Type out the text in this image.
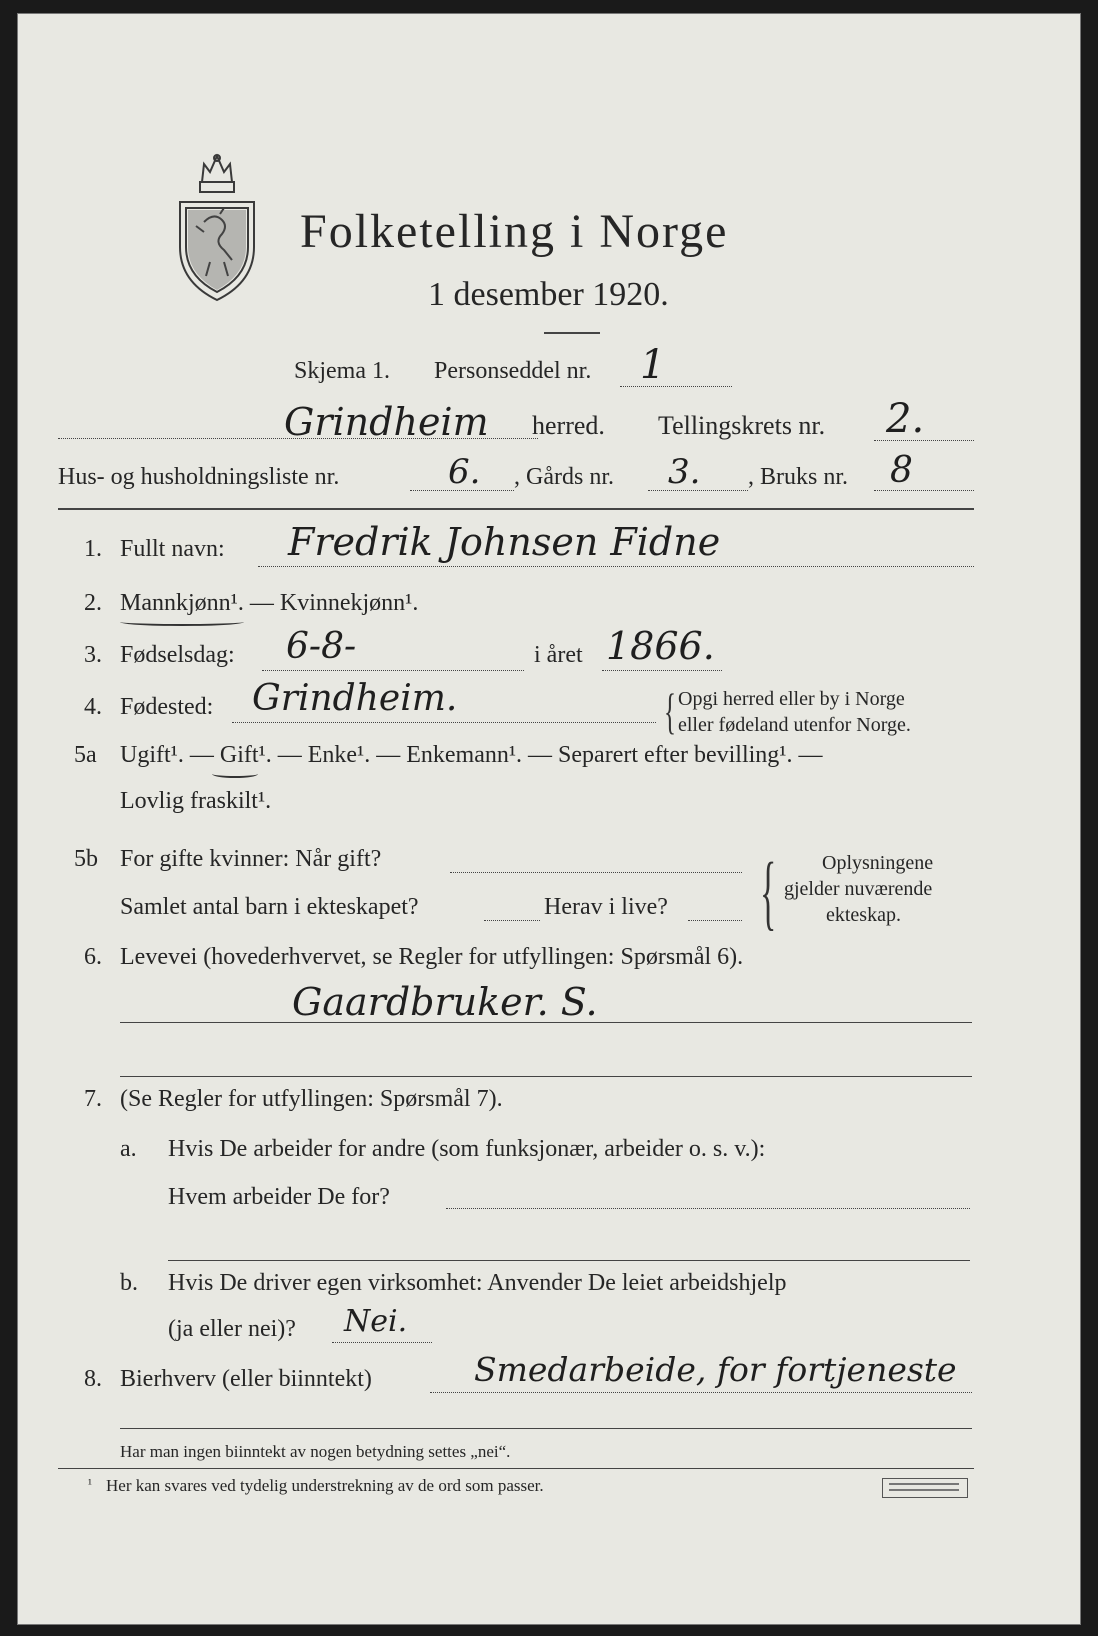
Folketelling i Norge
1 desember 1920.
Skjema 1. Personseddel nr. 1
Grindheim herred. Tellingskrets nr. 2.
Hus- og husholdningsliste nr.	6. , Gårds nr. 3. , Bruks nr. 8
1. Fullt navn: Fredrik Johnsen Fidne
2. Mannkjønn¹. — Kvinnekjønn¹.
3. Fødselsdag: 6-8-	i året 1866.
4. Fødested: Grindheim.	{ Opgi herred eller by i Norge
eller fødeland utenfor Norge.
5a Ugift¹. — Gift¹. — Enke¹. — Enkemann¹. — Separert efter bevilling¹. —
Lovlig fraskilt¹.
5b For gifte kvinner: Når gift?
Samlet antal barn i ekteskapet?	Herav i live? { Oplysningene
gjelder nuværende
ekteskap.
6. Levevei (hovederhvervet, se Regler for utfyllingen: Spørsmål 6).
Gaardbruker. S.
7. (Se Regler for utfyllingen: Spørsmål 7).
a. Hvis De arbeider for andre (som funksjonær, arbeider o. s. v.):
Hvem arbeider De for?
b. Hvis De driver egen virksomhet: Anvender De leiet arbeidshjelp
(ja eller nei)? Nei.
8. Bierhverv (eller biinntekt)	Smedarbeide, for fortjeneste
Har man ingen biinntekt av nogen betydning settes „nei“.
¹ Her kan svares ved tydelig understrekning av de ord som passer.
